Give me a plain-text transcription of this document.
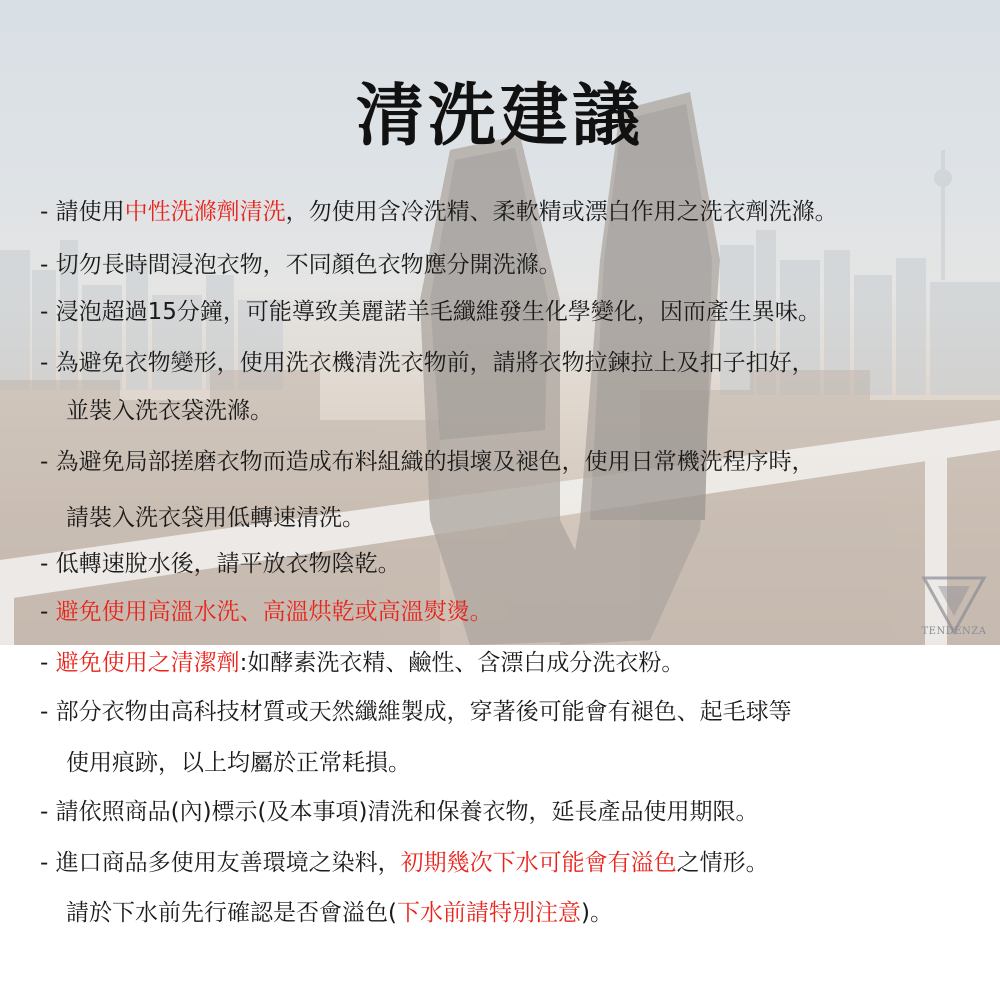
TENDENZA
清洗建議
- 請使用中性洗滌劑清洗，勿使用含冷洗精、柔軟精或漂白作用之洗衣劑洗滌。
- 切勿長時間浸泡衣物，不同顏色衣物應分開洗滌。
- 浸泡超過15分鐘，可能導致美麗諾羊毛纖維發生化學變化，因而產生異味。
- 為避免衣物變形，使用洗衣機清洗衣物前，請將衣物拉鍊拉上及扣子扣好，
並裝入洗衣袋洗滌。
- 為避免局部搓磨衣物而造成布料組織的損壞及褪色，使用日常機洗程序時，
請裝入洗衣袋用低轉速清洗。
- 低轉速脫水後，請平放衣物陰乾。
- 避免使用高溫水洗、高溫烘乾或高溫熨燙。
- 避免使用之清潔劑:如酵素洗衣精、鹼性、含漂白成分洗衣粉。
- 部分衣物由高科技材質或天然纖維製成，穿著後可能會有褪色、起毛球等
使用痕跡，以上均屬於正常耗損。
- 請依照商品(內)標示(及本事項)清洗和保養衣物，延長產品使用期限。
- 進口商品多使用友善環境之染料，初期幾次下水可能會有溢色之情形。
請於下水前先行確認是否會溢色(下水前請特別注意)。
